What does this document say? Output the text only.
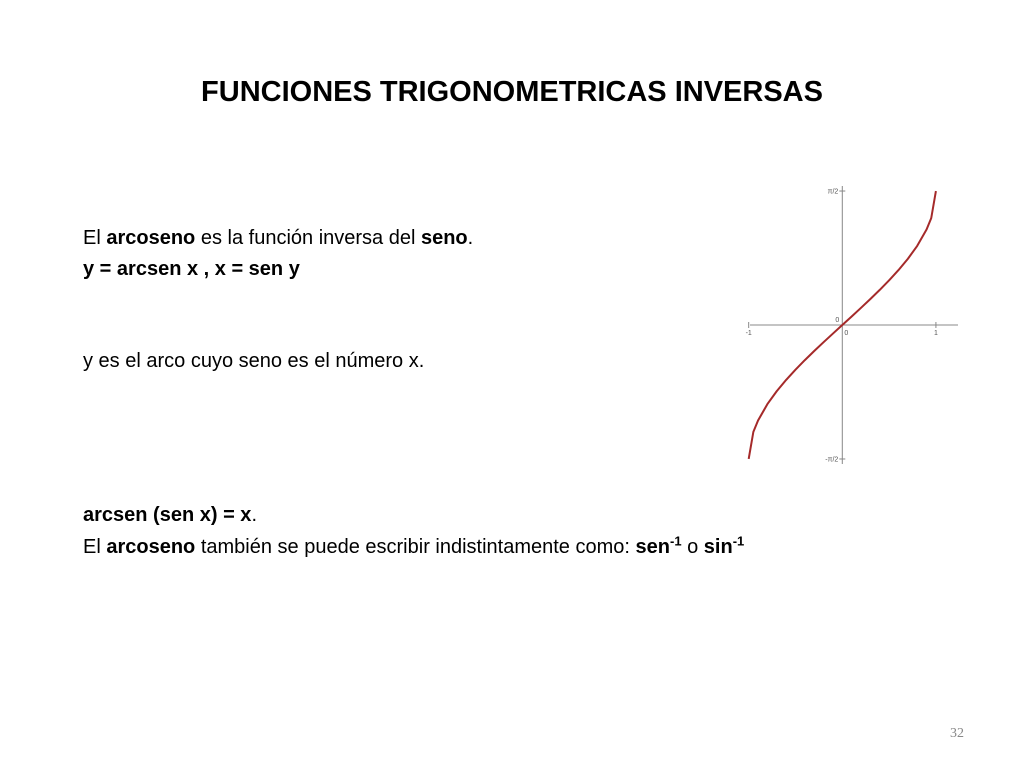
FUNCIONES TRIGONOMETRICAS INVERSAS
El arcoseno es la función inversa del seno.
y = arcsen x , x = sen y
y es el arco cuyo seno es el número x.
arcsen (sen x) = x.
El arcoseno también se puede escribir indistintamente como: sen$^{-1}$ o $\sin^{-1}$
-1	0	1
π/2
-π/2
0
32
